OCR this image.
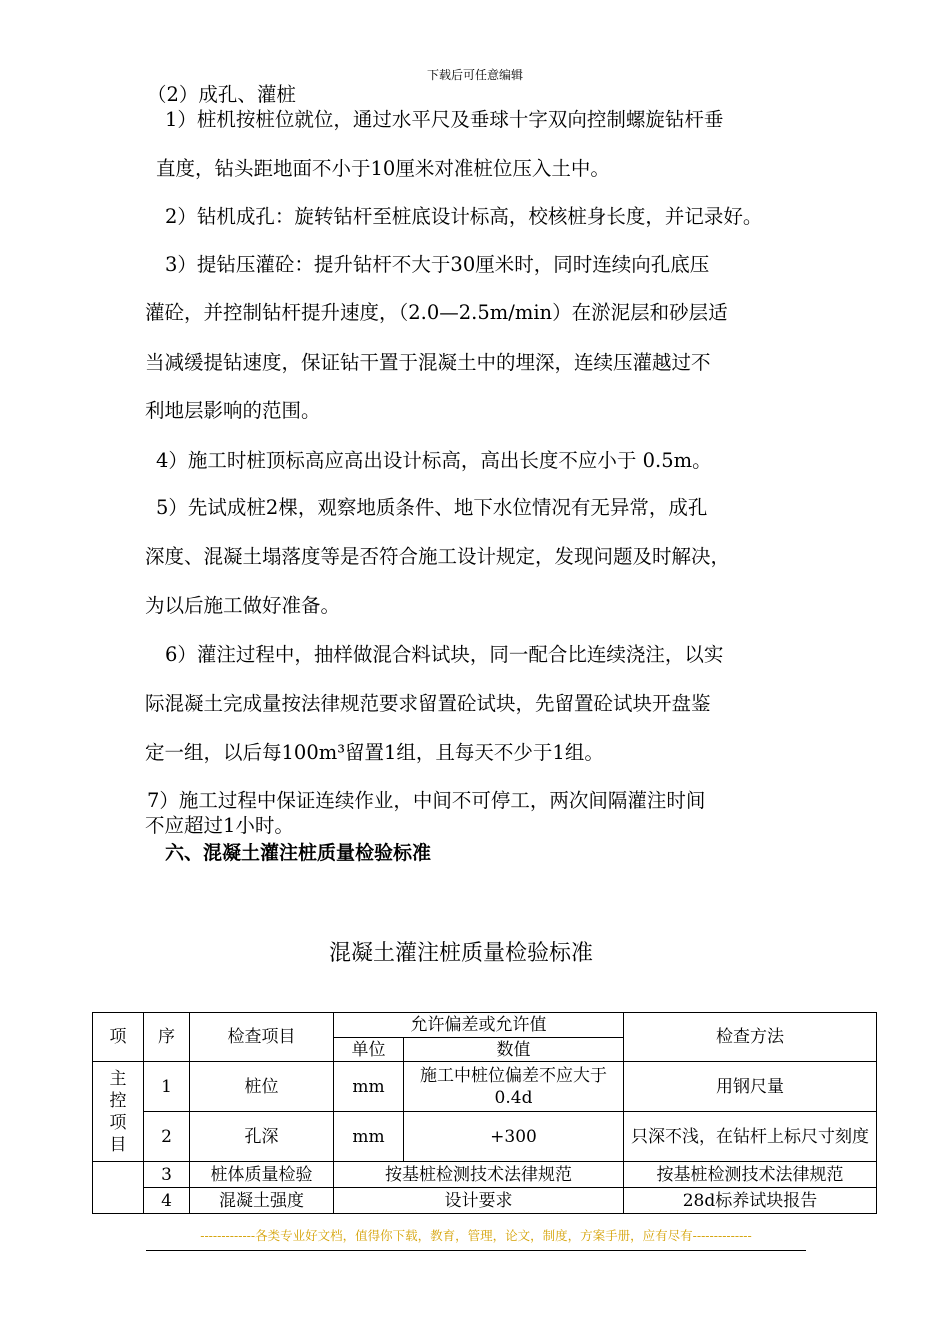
下载后可任意编辑
（2）成孔、灌桩
1）桩机按桩位就位，通过水平尺及垂球十字双向控制螺旋钻杆垂
直度，钻头距地面不小于10厘米对准桩位压入土中。
2）钻机成孔：旋转钻杆至桩底设计标高，校核桩身长度，并记录好。
3）提钻压灌砼：提升钻杆不大于30厘米时，同时连续向孔底压
灌砼，并控制钻杆提升速度，（2.0—2.5m/min）在淤泥层和砂层适
当减缓提钻速度，保证钻干置于混凝土中的埋深，连续压灌越过不
利地层影响的范围。
4）施工时桩顶标高应高出设计标高，高出长度不应小于 0.5m。
5）先试成桩2棵，观察地质条件、地下水位情况有无异常，成孔
深度、混凝土塌落度等是否符合施工设计规定，发现问题及时解决，
为以后施工做好准备。
6）灌注过程中，抽样做混合料试块，同一配合比连续浇注，以实
际混凝土完成量按法律规范要求留置砼试块，先留置砼试块开盘鉴
定一组，以后每100m³留置1组，且每天不少于1组。
7）施工过程中保证连续作业，中间不可停工，两次间隔灌注时间
不应超过1小时。
六、混凝土灌注桩质量检验标准
混凝土灌注桩质量检验标准
项	序	检查项目	允许偏差或允许值		检查方法
			单位	数值	

主
控
项
目	1	桩位	mm	施工中桩位偏差不应大于0.4d	用钢尺量
	2	孔深	mm	+300	只深不浅，在钻杆上标尺寸刻度
	3	桩体质量检验	按基桩检测技术法律规范		按基桩检测技术法律规范
	4	混凝土强度	设计要求		28d标养试块报告
-------------各类专业好文档，值得你下载，教育，管理，论文，制度，方案手册，应有尽有--------------
